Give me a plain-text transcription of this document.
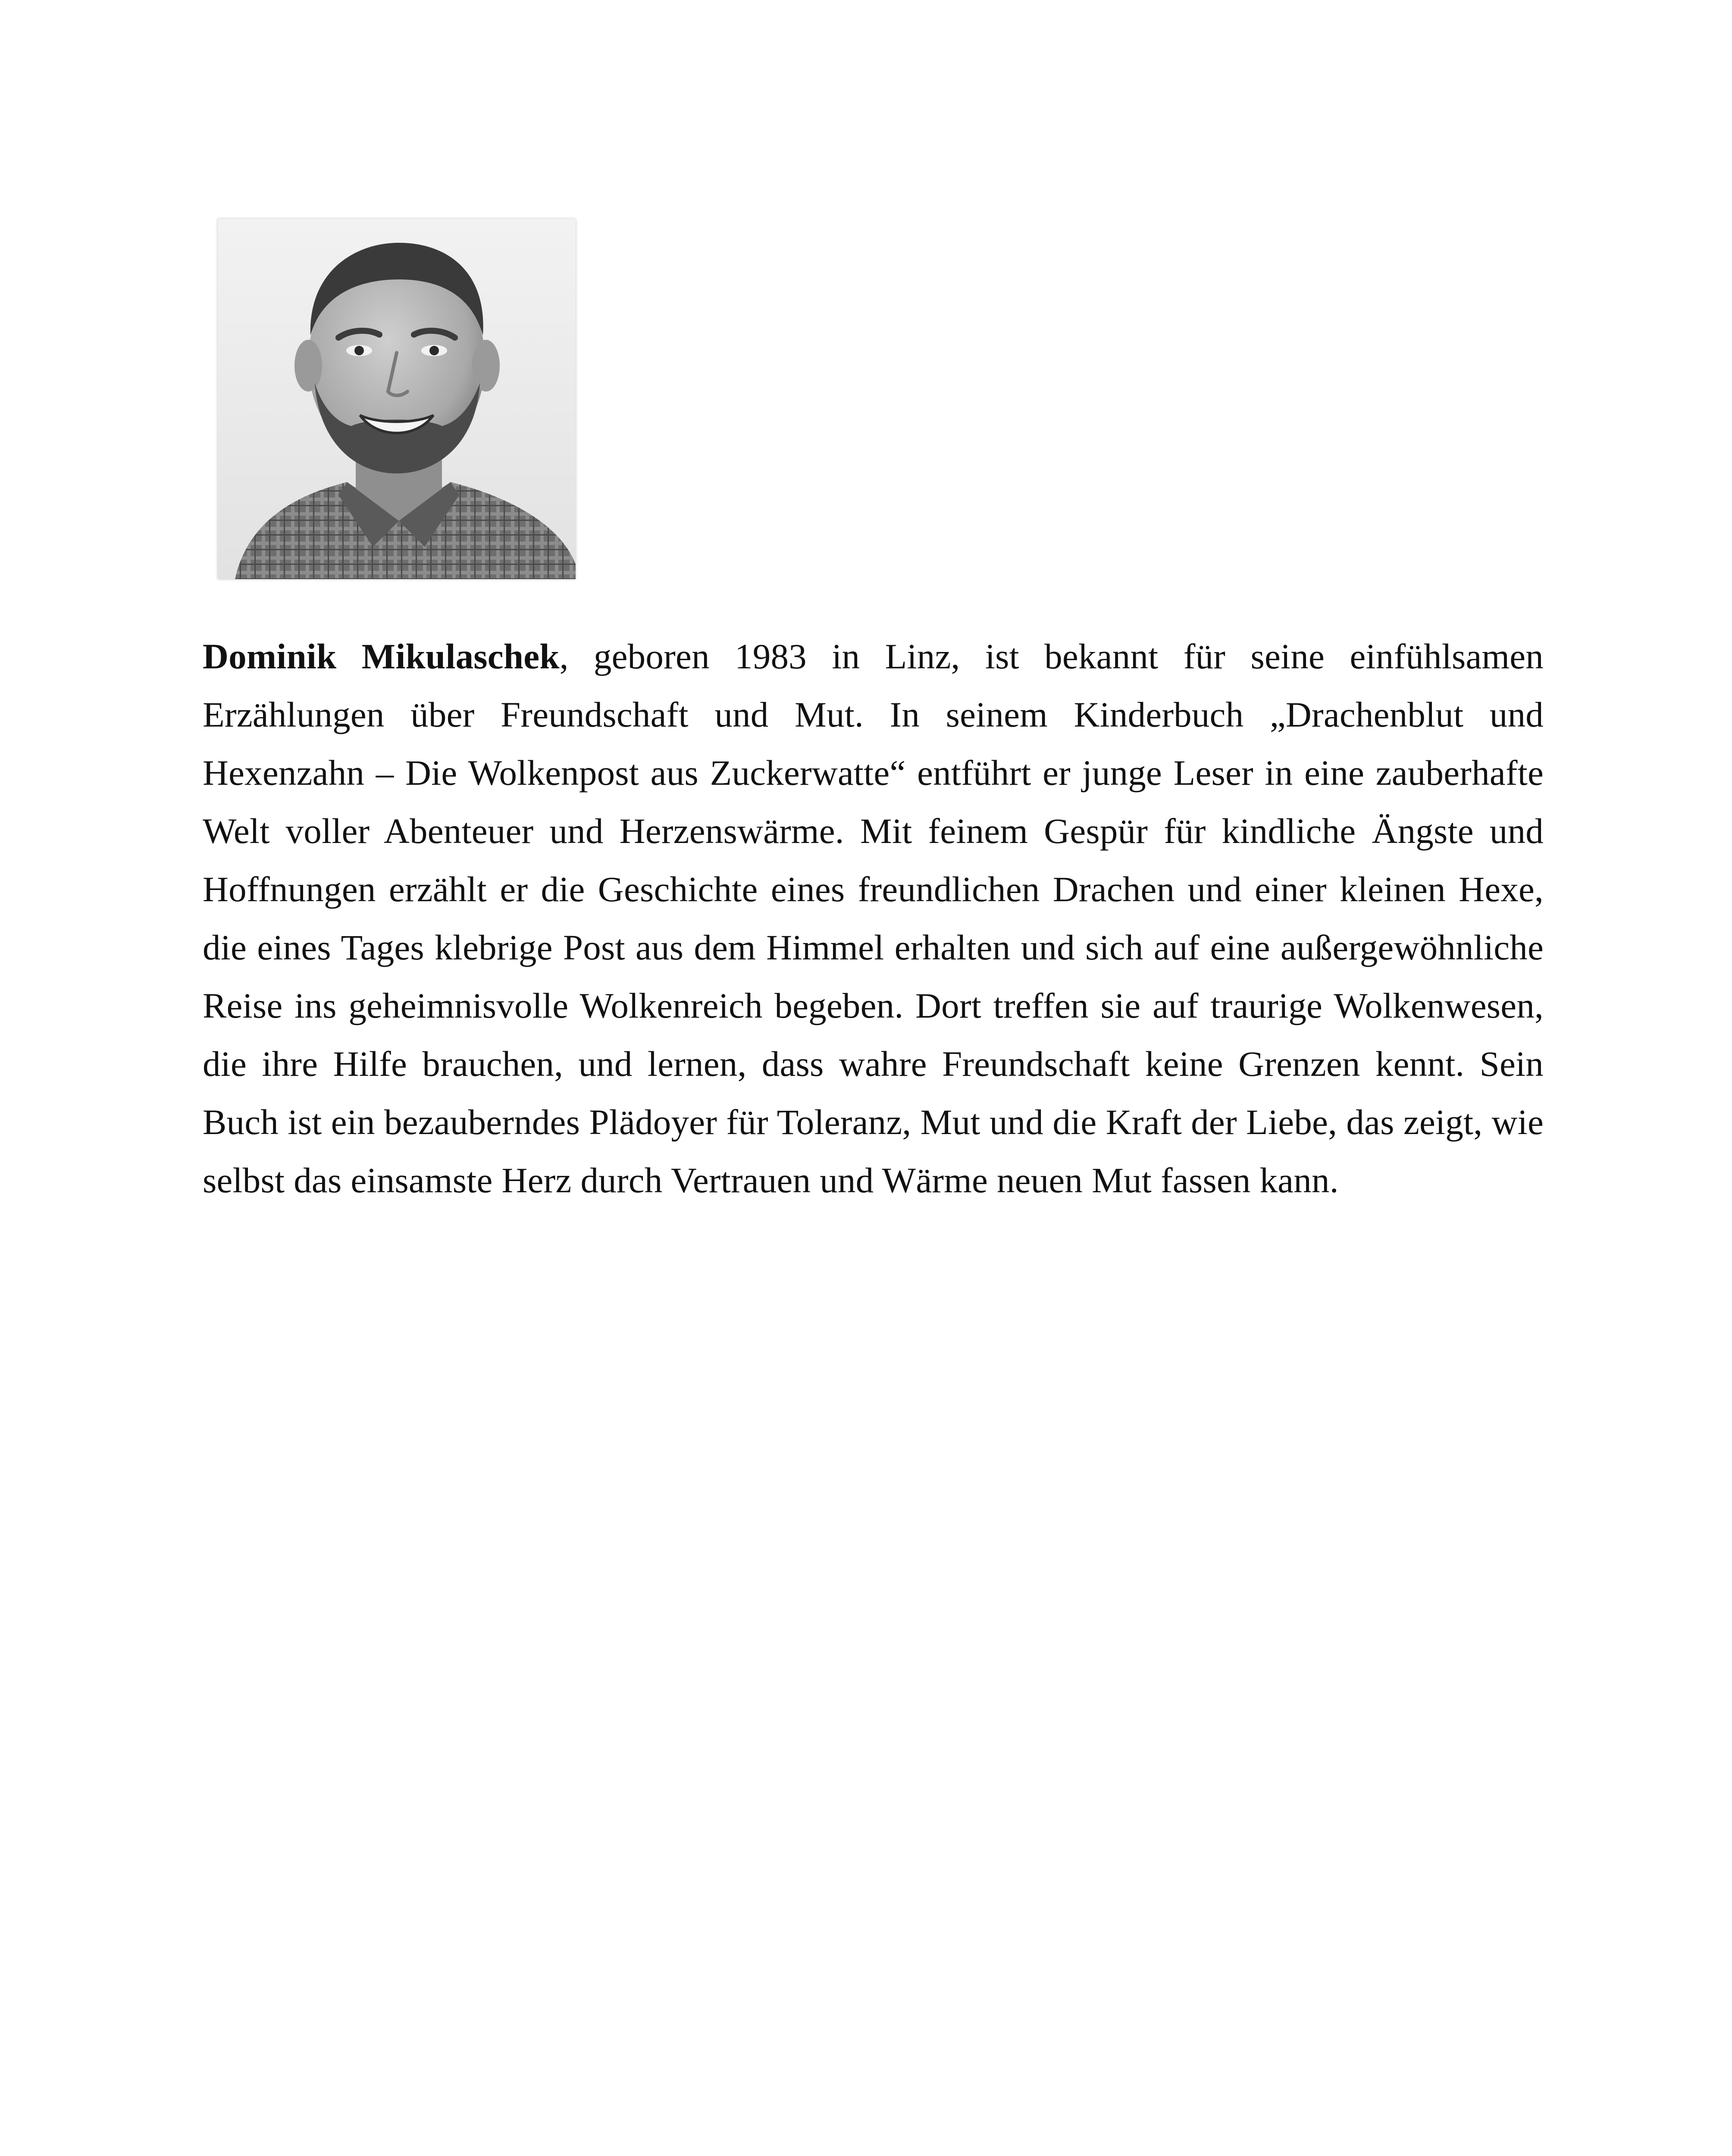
Dominik Mikulaschek, geboren 1983 in Linz, ist bekannt für seine einfühlsamen Erzählungen über Freundschaft und Mut. In seinem Kinderbuch „Drachenblut und Hexenzahn – Die Wolkenpost aus Zuckerwatte“ entführt er junge Leser in eine zauberhafte Welt voller Abenteuer und Herzenswärme. Mit feinem Gespür für kindliche Ängste und Hoffnungen erzählt er die Geschichte eines freundlichen Drachen und einer kleinen Hexe, die eines Tages klebrige Post aus dem Himmel erhalten und sich auf eine außergewöhnliche Reise ins geheimnisvolle Wolkenreich begeben. Dort treffen sie auf traurige Wolkenwesen, die ihre Hilfe brauchen, und lernen, dass wahre Freundschaft keine Grenzen kennt. Sein Buch ist ein bezauberndes Plädoyer für Toleranz, Mut und die Kraft der Liebe, das zeigt, wie selbst das einsamste Herz durch Vertrauen und Wärme neuen Mut fassen kann.
